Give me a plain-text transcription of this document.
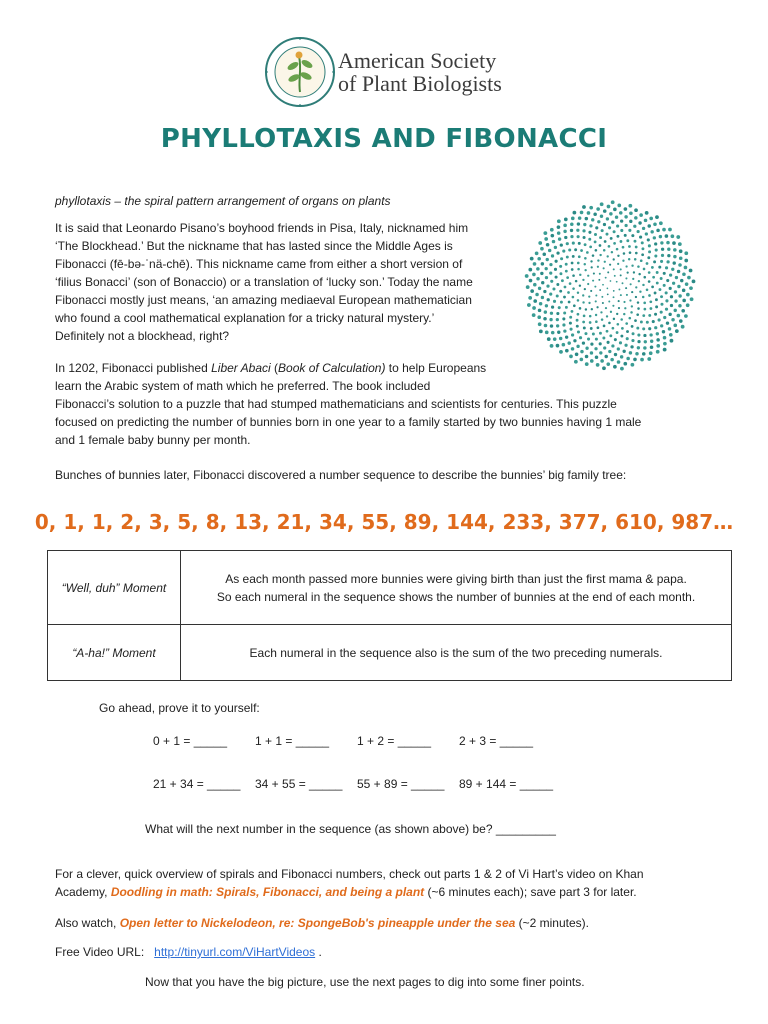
American Society
of Plant Biologists
PHYLLOTAXIS AND FIBONACCI

phyllotaxis – the spiral pattern arrangement of organs on plants

It is said that Leonardo Pisano’s boyhood friends in Pisa, Italy, nicknamed him
‘The Blockhead.’ But the nickname that has lasted since the Middle Ages is
Fibonacci (fē-bə-ˈnä-chē). This nickname came from either a short version of
‘filius Bonacci’ (son of Bonaccio) or a translation of ‘lucky son.’ Today the name
Fibonacci mostly just means, ‘an amazing mediaeval European mathematician
who found a cool mathematical explanation for a tricky natural mystery.’
Definitely not a blockhead, right?
In 1202, Fibonacci published Liber Abaci (Book of Calculation) to help Europeans
learn the Arabic system of math which he preferred. The book included
Fibonacci’s solution to a puzzle that had stumped mathematicians and scientists for centuries. This puzzle
focused on predicting the number of bunnies born in one year to a family started by two bunnies having 1 male
and 1 female baby bunny per month.

Bunches of bunnies later, Fibonacci discovered a number sequence to describe the bunnies’ big family tree:

0, 1, 1, 2, 3, 5, 8, 13, 21, 34, 55, 89, 144, 233, 377, 610, 987…

“Well, duh” Moment	As each month passed more bunnies were giving birth than just the first mama & papa.
So each numeral in the sequence shows the number of bunnies at the end of each month.

“A-ha!” Moment	Each numeral in the sequence also is the sum of the two preceding numerals.

Go ahead, prove it to yourself:

0 + 1 = _____ 1 + 1 = _____ 1 + 2 = _____ 2 + 3 = _____
21 + 34 = _____ 34 + 55 = _____ 55 + 89 = _____ 89 + 144 = _____

What will the next number in the sequence (as shown above) be? _________

For a clever, quick overview of spirals and Fibonacci numbers, check out parts 1 & 2 of Vi Hart’s video on Khan
Academy, Doodling in math: Spirals, Fibonacci, and being a plant (~6 minutes each); save part 3 for later.

Also watch, Open letter to Nickelodeon, re: SpongeBob's pineapple under the sea (~2 minutes).

Free Video URL:   http://tinyurl.com/ViHartVideos .

Now that you have the big picture, use the next pages to dig into some finer points.
